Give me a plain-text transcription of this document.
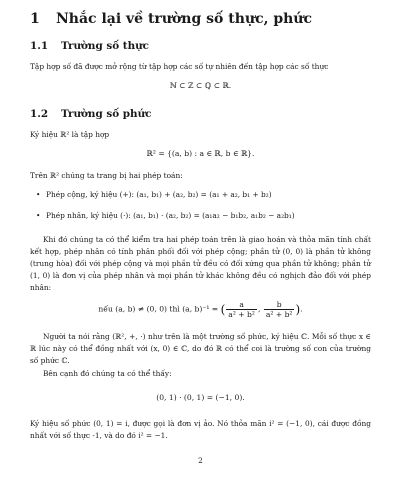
1 Nhắc lại về trường số thực, phức
1.1 Trường số thực
Tập hợp số đã được mở rộng từ tập hợp các số tự nhiên đến tập hợp các số thực
ℕ ⊂ ℤ ⊂ ℚ ⊂ ℝ.
1.2 Trường số phức
Ký hiệu ℝ² là tập hợp
ℝ² = {(a, b) : a ∈ ℝ, b ∈ ℝ}.
Trên ℝ² chúng ta trang bị hai phép toán:
• Phép cộng, ký hiệu (+): (a₁, b₁) + (a₂, b₂) = (a₁ + a₂, b₁ + b₂)
• Phép nhân, ký hiệu (·): (a₁, b₁) · (a₂, b₂) = (a₁a₂ − b₁b₂, a₁b₂ − a₂b₁)
Khi đó chúng ta có thể kiểm tra hai phép toán trên là giao hoán và thỏa mãn tính chất kết hợp, phép nhân có tính phân phối đối với phép cộng; phần tử (0, 0) là phần tử không (trung hòa) đối với phép cộng và mọi phần tử đều có đối xứng qua phần tử không; phần tử (1, 0) là đơn vị của phép nhân và mọi phần tử khác không đều có nghịch đảo đối với phép nhân:
nếu (a, b) ≠ (0, 0) thì (a, b)⁻¹ = ( $\frac{a}{\text{a² + b²}}$ , $\frac{b}{\text{a² + b²}}$ ).
Người ta nói rằng (ℝ², +, ·) như trên là một trường số phức, ký hiệu ℂ. Mỗi số thực x ∈ ℝ lúc này có thể đồng nhất với (x, 0) ∈ ℂ, do đó ℝ có thể coi là trường số con của trường số phức ℂ.
Bên cạnh đó chúng ta có thể thấy:
(0, 1) · (0, 1) = (−1, 0).
Ký hiệu số phức (0, 1) = i, được gọi là đơn vị ảo. Nó thỏa mãn i² = (−1, 0), cái được đồng nhất với số thực -1, và do đó i² = −1.
2
